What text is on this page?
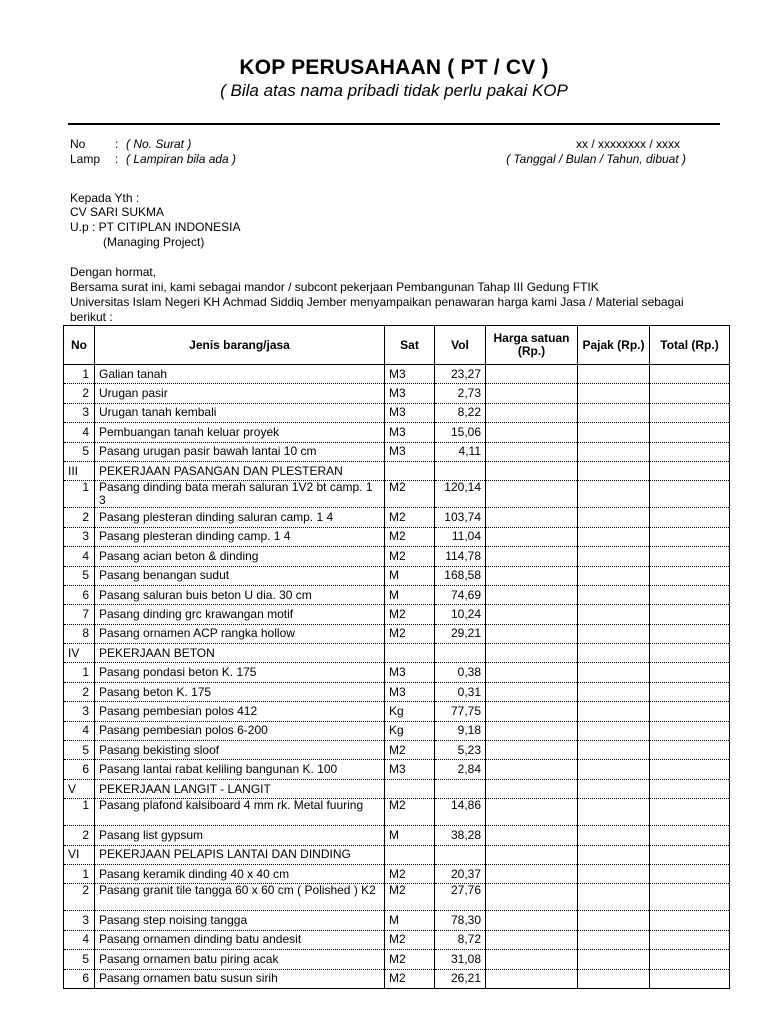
KOP PERUSAHAAN ( PT / CV )
( Bila atas nama pribadi tidak perlu pakai KOP
No : ( No. Surat )
Lamp : ( Lampiran bila ada )
xx / xxxxxxxx / xxxx
( Tanggal / Bulan / Tahun, dibuat )
Kepada Yth :
CV SARI SUKMA
U.p : PT CITIPLAN INDONESIA
(Managing Project)
Dengan hormat,
Bersama surat ini, kami sebagai mandor / subcont pekerjaan Pembangunan Tahap III Gedung FTIK
Universitas Islam Negeri KH Achmad Siddiq Jember menyampaikan penawaran harga kami Jasa / Material sebagai
berikut :
No	Jenis barang/jasa	Sat	Vol	Harga satuan (Rp.)	Pajak (Rp.)	Total (Rp.)
1	Galian tanah	M3	23,27			
2	Urugan pasir	M3	2,73			
3	Urugan tanah kembali	M3	8,22			
4	Pembuangan tanah keluar proyek	M3	15,06			
5	Pasang urugan pasir bawah lantai 10 cm	M3	4,11			
III	PEKERJAAN PASANGAN DAN PLESTERAN					
1	Pasang dinding bata merah saluran 1V2 bt camp. 1 3	M2	120,14			
2	Pasang plesteran dinding saluran camp. 1 4	M2	103,74			
3	Pasang plesteran dinding camp. 1 4	M2	11,04			
4	Pasang acian beton & dinding	M2	114,78			
5	Pasang benangan sudut	M	168,58			
6	Pasang saluran buis beton U dia. 30 cm	M	74,69			
7	Pasang dinding grc krawangan motif	M2	10,24			
8	Pasang ornamen ACP rangka hollow	M2	29,21			
IV	PEKERJAAN BETON					
1	Pasang pondasi beton K. 175	M3	0,38			
2	Pasang beton K. 175	M3	0,31			
3	Pasang pembesian polos 412	Kg	77,75			
4	Pasang pembesian polos 6-200	Kg	9,18			
5	Pasang bekisting sloof	M2	5,23			
6	Pasang lantai rabat keliling bangunan K. 100	M3	2,84			
V	PEKERJAAN LANGIT - LANGIT					
1	Pasang plafond kalsiboard 4 mm rk. Metal fuuring	M2	14,86			
2	Pasang list gypsum	M	38,28			
VI	PEKERJAAN PELAPIS LANTAI DAN DINDING					
1	Pasang keramik dinding 40 x 40 cm	M2	20,37			
2	Pasang granit tile tangga 60 x 60 cm ( Polished ) K2	M2	27,76			
3	Pasang step noising tangga	M	78,30			
4	Pasang ornamen dinding batu andesit	M2	8,72			
5	Pasang ornamen batu piring acak	M2	31,08			
6	Pasang ornamen batu susun sirih	M2	26,21			
